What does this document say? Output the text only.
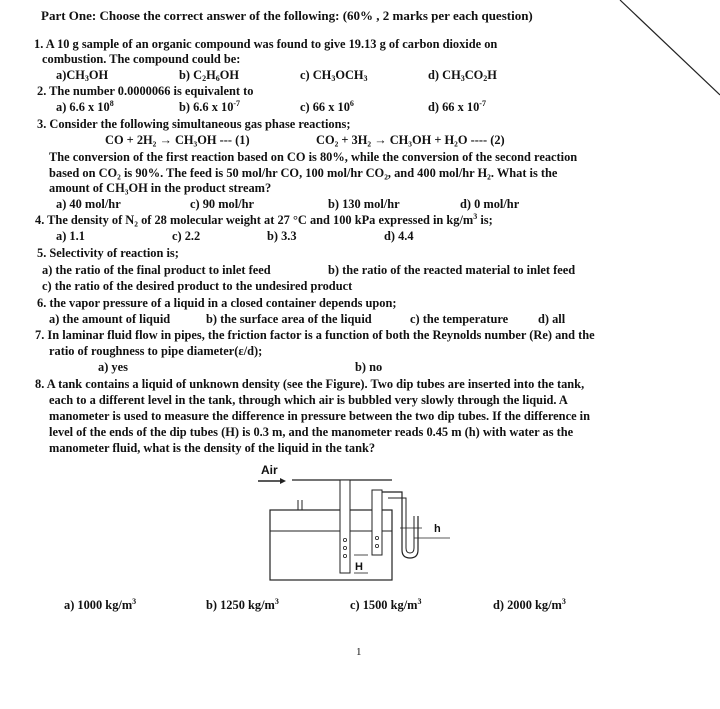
Part One: Choose the correct answer of the following: (60% , 2 marks per each question)
1. A 10 g sample of an organic compound was found to give 19.13 g of carbon dioxide on
combustion. The compound could be:
$a)CH_3OH$	b) $C_2H_6OH$	c) $CH_3OCH_3$	d) $CH_3CO_2H$
2. The number 0.0000066 is equivalent to
a) 6.6 x $10^8$	b) 6.6 x $10^{-7}$	c) 66 x $10^6$	d) 66 x $10^{-7}$
3. Consider the following simultaneous gas phase reactions;
CO + 2H₂ → CH₃OH --- (1)	CO₂ + 3H₂ → CH₃OH + H₂O ---- (2)
The conversion of the first reaction based on CO is 80%, while the conversion of the second reaction
based on CO₂ is 90%. The feed is 50 mol/hr CO, 100 mol/hr CO₂, and 400 mol/hr H₂. What is the
amount of CH₃OH in the product stream?
a) 40 mol/hr	c) 90 mol/hr	b) 130 mol/hr	d) 0 mol/hr
4. The density of N₂ of 28 molecular weight at 27 °C and 100 kPa expressed in $kg/m^3$ is;
a) 1.1	c) 2.2	b) 3.3	d) 4.4
5. Selectivity of reaction is;
a) the ratio of the final product to inlet feed	b) the ratio of the reacted material to inlet feed
c) the ratio of the desired product to the undesired product
6. the vapor pressure of a liquid in a closed container depends upon;
a) the amount of liquid	b) the surface area of the liquid	c) the temperature d) all
7. In laminar fluid flow in pipes, the friction factor is a function of both the Reynolds number (Re) and the
ratio of roughness to pipe diameter(ε/d);
a) yes	b) no
8. A tank contains a liquid of unknown density (see the Figure). Two dip tubes are inserted into the tank,
each to a different level in the tank, through which air is bubbled very slowly through the liquid. A
manometer is used to measure the difference in pressure between the two dip tubes. If the difference in
level of the ends of the dip tubes (H) is 0.3 m, and the manometer reads 0.45 m (h) with water as the
manometer fluid, what is the density of the liquid in the tank?
Air
H
h
a) 1000 $kg/m^3$	b) 1250 $kg/m^3$	c) 1500 $kg/m^3$	d) 2000 $kg/m^3$
1
